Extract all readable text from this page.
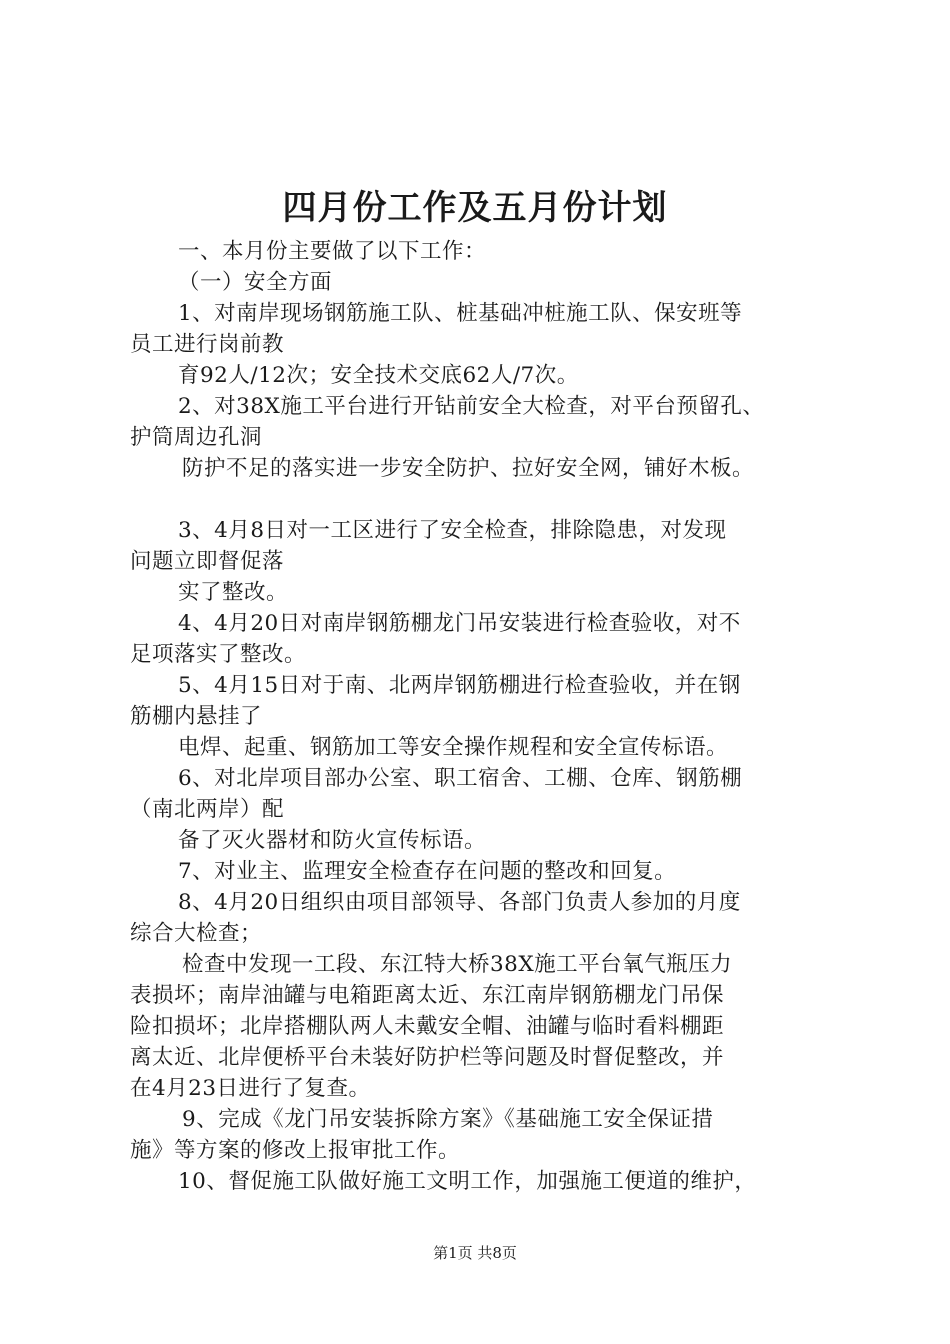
四月份工作及五月份计划
一、本月份主要做了以下工作：
（一）安全方面
1、对南岸现场钢筋施工队、桩基础冲桩施工队、保安班等
员工进行岗前教
育92人/12次；安全技术交底62人/7次。
2、对38X施工平台进行开钻前安全大检查，对平台预留孔、
护筒周边孔洞
防护不足的落实进一步安全防护、拉好安全网，铺好木板。
3、4月8日对一工区进行了安全检查，排除隐患，对发现
问题立即督促落
实了整改。
4、4月20日对南岸钢筋棚龙门吊安装进行检查验收，对不
足项落实了整改。
5、4月15日对于南、北两岸钢筋棚进行检查验收，并在钢
筋棚内悬挂了
电焊、起重、钢筋加工等安全操作规程和安全宣传标语。
6、对北岸项目部办公室、职工宿舍、工棚、仓库、钢筋棚
（南北两岸）配
备了灭火器材和防火宣传标语。
7、对业主、监理安全检查存在问题的整改和回复。
8、4月20日组织由项目部领导、各部门负责人参加的月度
综合大检查；
检查中发现一工段、东江特大桥38X施工平台氧气瓶压力
表损坏；南岸油罐与电箱距离太近、东江南岸钢筋棚龙门吊保
险扣损坏；北岸搭棚队两人未戴安全帽、油罐与临时看料棚距
离太近、北岸便桥平台未装好防护栏等问题及时督促整改，并
在4月23日进行了复查。
9、完成《龙门吊安装拆除方案》《基础施工安全保证措
施》等方案的修改上报审批工作。
10、督促施工队做好施工文明工作，加强施工便道的维护，
第1页 共8页
